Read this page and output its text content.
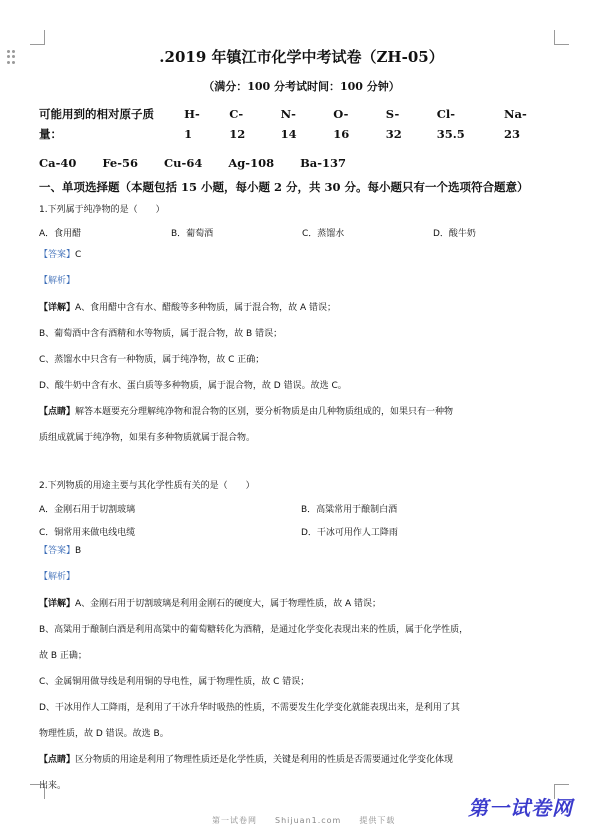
.2019 年镇江市化学中考试卷（ZH-05）
（满分：100 分考试时间：100 分钟）
可能用到的相对原子质量：
H-1
C-12
N-14
O-16
S-32
Cl-35.5
Na-23
Ca-40 Fe-56 Cu-64 Ag-108 Ba-137
一、单项选择题（本题包括 15 小题，每小题 2 分，共 30 分。每小题只有一个选项符合题意）
1.下列属于纯净物的是（　　）
A．食用醋	B．葡萄酒	C．蒸馏水	D．酸牛奶
【答案】C
【解析】
【详解】A、食用醋中含有水、醋酸等多种物质，属于混合物，故 A 错误；
B、葡萄酒中含有酒精和水等物质，属于混合物，故 B 错误；
C、蒸馏水中只含有一种物质，属于纯净物，故 C 正确；
D、酸牛奶中含有水、蛋白质等多种物质，属于混合物，故 D 错误。故选 C。
【点睛】解答本题要充分理解纯净物和混合物的区别，要分析物质是由几种物质组成的，如果只有一种物
质组成就属于纯净物，如果有多种物质就属于混合物。
2.下列物质的用途主要与其化学性质有关的是（　　）
A．金刚石用于切割玻璃	B．高粱常用于酿制白酒
C．铜常用来做电线电缆	D．干冰可用作人工降雨
【答案】B
【解析】
【详解】A、金刚石用于切割玻璃是利用金刚石的硬度大，属于物理性质，故 A 错误；
B、高粱用于酿制白酒是利用高粱中的葡萄糖转化为酒精，是通过化学变化表现出来的性质，属于化学性质，
故 B 正确；
C、金属铜用做导线是利用铜的导电性，属于物理性质，故 C 错误；
D、干冰用作人工降雨，是利用了干冰升华时吸热的性质，不需要发生化学变化就能表现出来，是利用了其
物理性质，故 D 错误。故选 B。
【点睛】区分物质的用途是利用了物理性质还是化学性质，关键是利用的性质是否需要通过化学变化体现
出来。
第一试卷网
第一试卷网　　Shijuan1.com　　提供下载
